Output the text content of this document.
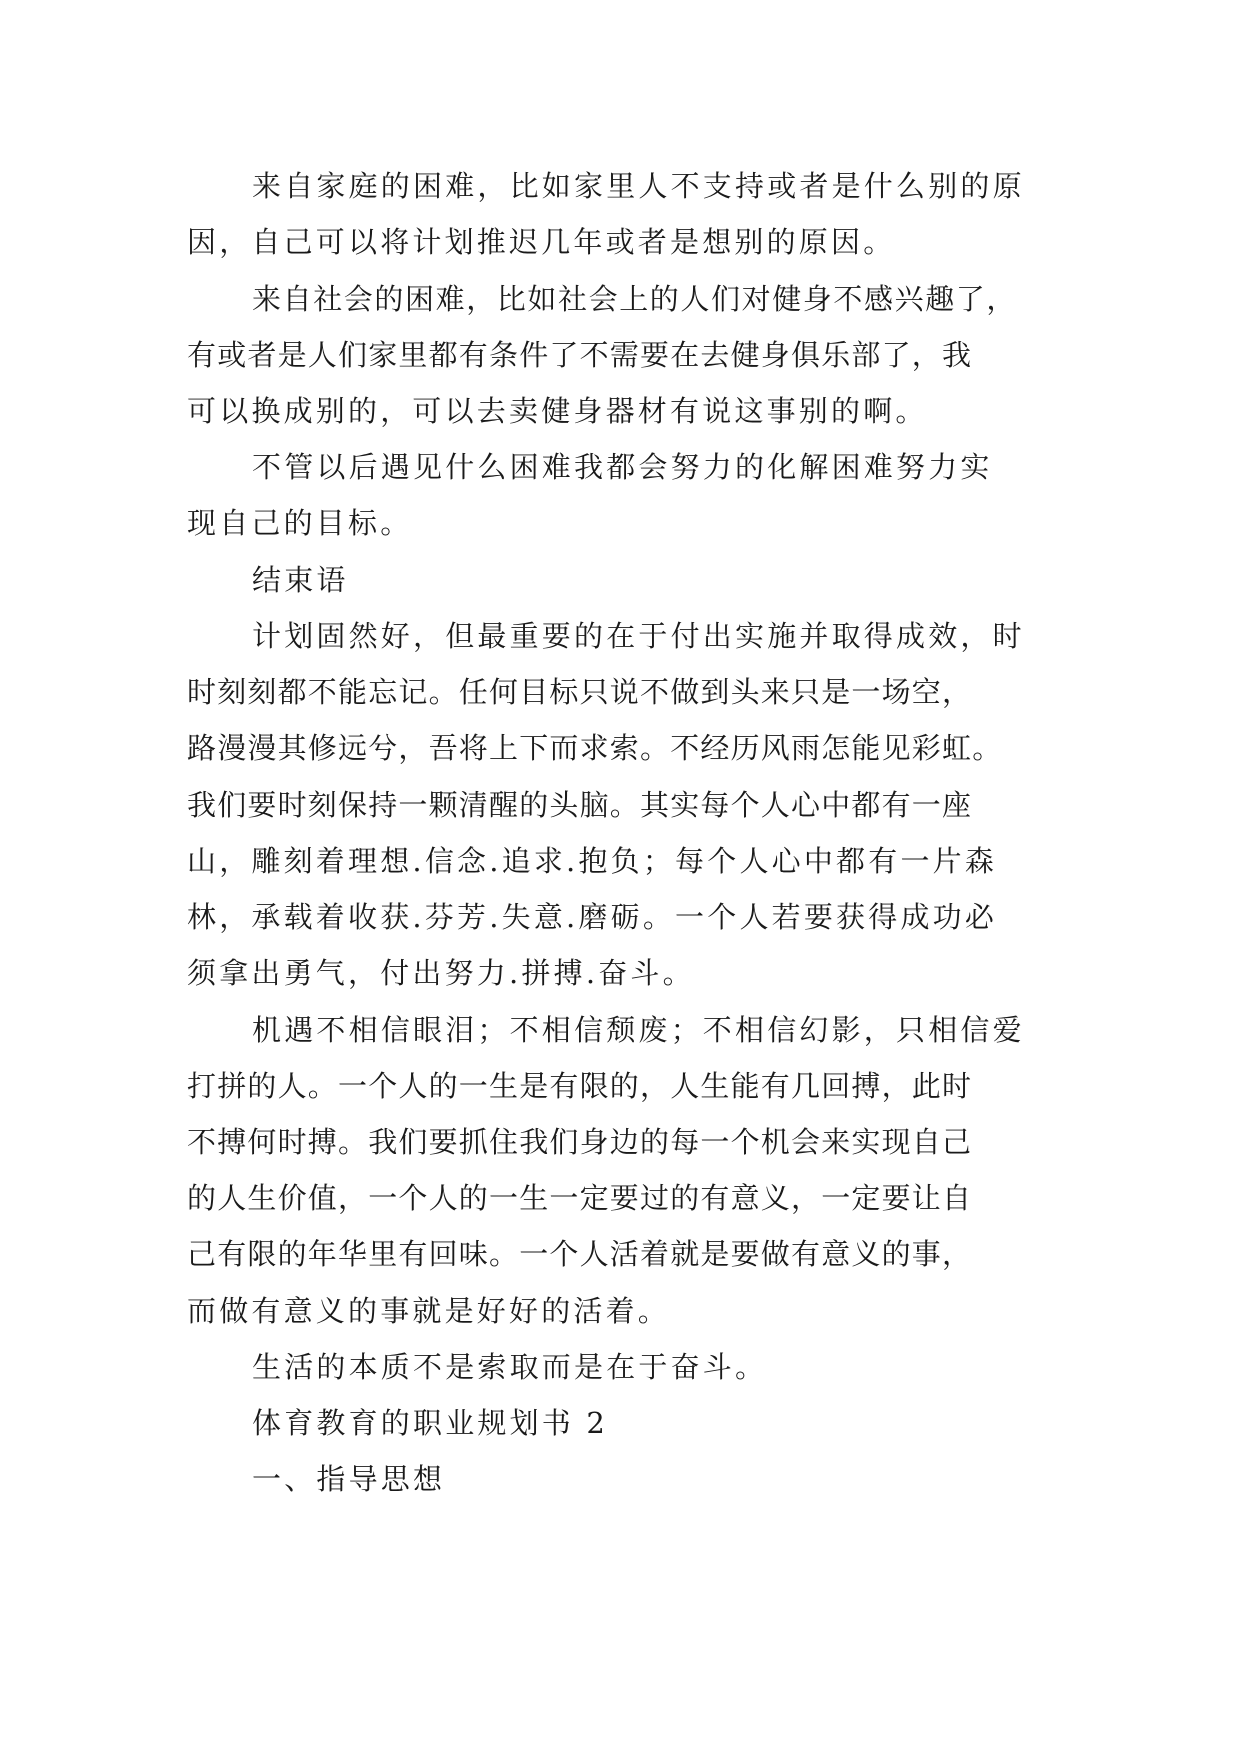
来自家庭的困难，比如家里人不支持或者是什么别的原
因，自己可以将计划推迟几年或者是想别的原因。
来自社会的困难，比如社会上的人们对健身不感兴趣了，
有或者是人们家里都有条件了不需要在去健身俱乐部了，我
可以换成别的，可以去卖健身器材有说这事别的啊。
不管以后遇见什么困难我都会努力的化解困难努力实
现自己的目标。
结束语
计划固然好，但最重要的在于付出实施并取得成效，时
时刻刻都不能忘记。任何目标只说不做到头来只是一场空，
路漫漫其修远兮，吾将上下而求索。不经历风雨怎能见彩虹。
我们要时刻保持一颗清醒的头脑。其实每个人心中都有一座
山，雕刻着理想.信念.追求.抱负；每个人心中都有一片森
林，承载着收获.芬芳.失意.磨砺。一个人若要获得成功必
须拿出勇气，付出努力.拼搏.奋斗。
机遇不相信眼泪；不相信颓废；不相信幻影，只相信爱
打拼的人。一个人的一生是有限的，人生能有几回搏，此时
不搏何时搏。我们要抓住我们身边的每一个机会来实现自己
的人生价值，一个人的一生一定要过的有意义，一定要让自
己有限的年华里有回味。一个人活着就是要做有意义的事，
而做有意义的事就是好好的活着。
生活的本质不是索取而是在于奋斗。
体育教育的职业规划书 2
一、指导思想
